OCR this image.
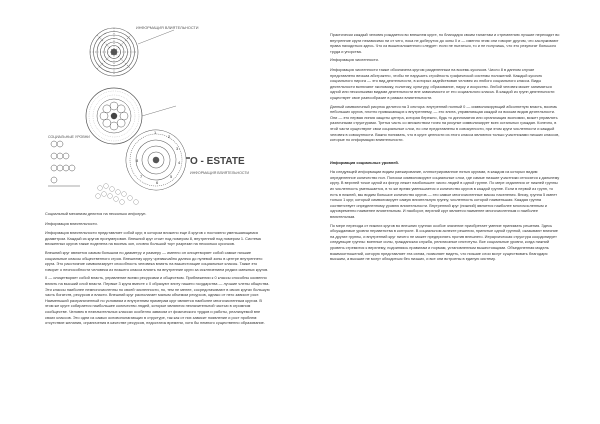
ИНФОРМАЦИЯ ВЛИЯТЕЛЬНОСТИ
СОЦИАЛЬНЫЕ УРОВНИ
1
2
3
4
5
6
7
8	O - ESTATE
ИНФОРМАЦИЯ ВЛИЯТЕЛЬНОСТИ

Социальный механизм делится на несколько инфогруп.

Информация влиятельности.

Информация влиятельности представляет собой круг, в котором вложено еще 8 кругов с постоянно уменьшающимся диаметром. Каждый из кругов пронумерован. Внешний круг стоит под номером 8, внутренний под номером 1. Система вложенных кругов также поделена на восемь зон, словно большой торт разрезан на несколько кусочков.

Внешний круг является самым большим по диаметру и размеру — именно он олицетворяет собой самые низшие социальные классы общественного строя. Внешнему кругу чрезвычайно далеко до нулевой зоны в центре внутреннего круга. Это расстояние символизирует способность человека влиять на вышестоящие социальные классы. Также это говорит о неспособности человека из низшего класса влиять на внутренние круги за исключением редких смежных кругов.

0 — олицетворяет собой власть, управление всеми ресурсами и обществом. Приближении к 0 классы способны косвенно влиять на высший слой власти. Первые 3 круга вместе с 0 образуют элиту нашего государства — лучшие члены общества. Эти классы наиболее немногочисленны по своей численности, но, тем не менее, сосредотачивают в своих кругах большую часть богатств, ресурсов и власти. Внешний круг располагает малым объемом ресурсов, однако от него зависит рост. Наименьший разграниченный по условиям и внутренним примерам круг является наиболее многочисленным кругом. В этом же круге собирается наибольшее количество людей, которые являются незначительной частью в огромном сообществе. Человек в незначительных классах особенно зависим от физического трудов и работы, реализуемой вне своих классов. Это одни из самых основополагающих в структуре, так как от них зависит появление и рост проблем: отсутствие желания, ограничения в качестве ресурсов, недостаток времени, хотя бы немного существенно образование.

Практически каждый человек рождается во внешнем круге, но благодаря своим талантам и стремлению лучшие переходят во внутренние круги независимо ни от чего, пока не доберутся до зоны 0 и — именно этим они говорят другим, что заслуживают права находиться здесь. Что из вышеизложенного следует: если не пытаться, то и не получишь, что это результат большого труда и упорства.

Информация численности.

Информация численности также обозначена кругом разделенным на восемь кусочков. Число 8 в данном случае представлено весьма абстрактно, чтобы не нарушить стройность графической системы положений. Каждый кусочек социального пирога — это вид деятельности, в которых задействован человек из любого социального класса. Виды деятельности включают экономику, политику, культуру, образование, науку и искусство. Любой человек может заниматься одной или несколькими видами деятельности вне зависимости от его социального класса. В каждой из групп деятельности существует свое разнообразие в рамках влиятельности.

Данный символичный рисунок делится на 3 сектора: внутренний полный 0 — символизирующий абсолютную власть, восемь небольших кругов, плотно примыкающих к внутреннему, — это элита, управляющая каждой из восьми видов деятельности. Они — это первая линия защиты центра, которая бережно, будь то дипломатия или организация экономии, может управлять различными структурами. Третья часть со множеством точек на рисунке символизирует всех остальных граждан. Конечно, в этой части существуют свои социальные слои, но они представлены в совокупности, при этом круги численности и каждый человек в совокупности. Важно понимать, что в круге ценности из этого класса являются только участниками низших классов, которые по информации влиятельности.

Информация социальных уровней.

На следующей информации видим ранжирование, иллюстрированное пятью кругами, в каждом из которых видим определенное количество пол. Полоски символизируют социальные слои, где самые низшие участники относятся к дальнему кругу. В верхней точке одной из фигур лежит наибольшее число людей в одной группе. По мере отдаления от нижней группы их численность уменьшается, в то же время уменьшается и количество кругов в каждой группе. Если в первой из групп, то есть в нижней, мы видим большое количество кругов — это самые многочисленные массы населения. Внизу, группа 5 имеет только 1 круг, который символизирует самую влиятельную группу, численность которой наименьшая. Каждая группа соответствует определенному уровню влиятельности. Внутренний круг (нижний) является наиболее многочисленным и одновременно наименее влиятельным. И наоборот, верхний круг является наименее многочисленным и наиболее влиятельным.

По мере перехода от нижних кругов во внешних группах особое значение приобретает умение принимать решения. Здесь обсуждаемые уровни неравенства в контроле. В социальном аспекте решения, принятые одной группой, оказывают влияние на другие группы, и внутренний круг ничего не может предпринять против внешнего. Иерархическая структура координирует следующие группы: военные силы, гражданская служба, религиозные институты. Все социальные уровни, когда нижний уровень стремится к верхнему, подчиняясь правилам и нормам, установленным вышестоящими. Объединенная модель взаимоотношений, которую представляет эта схема, позволяет видеть, что низшие слои могут существовать благодаря высшим, а высшие не могут обходиться без низших, и все они встроены в единую систему.
